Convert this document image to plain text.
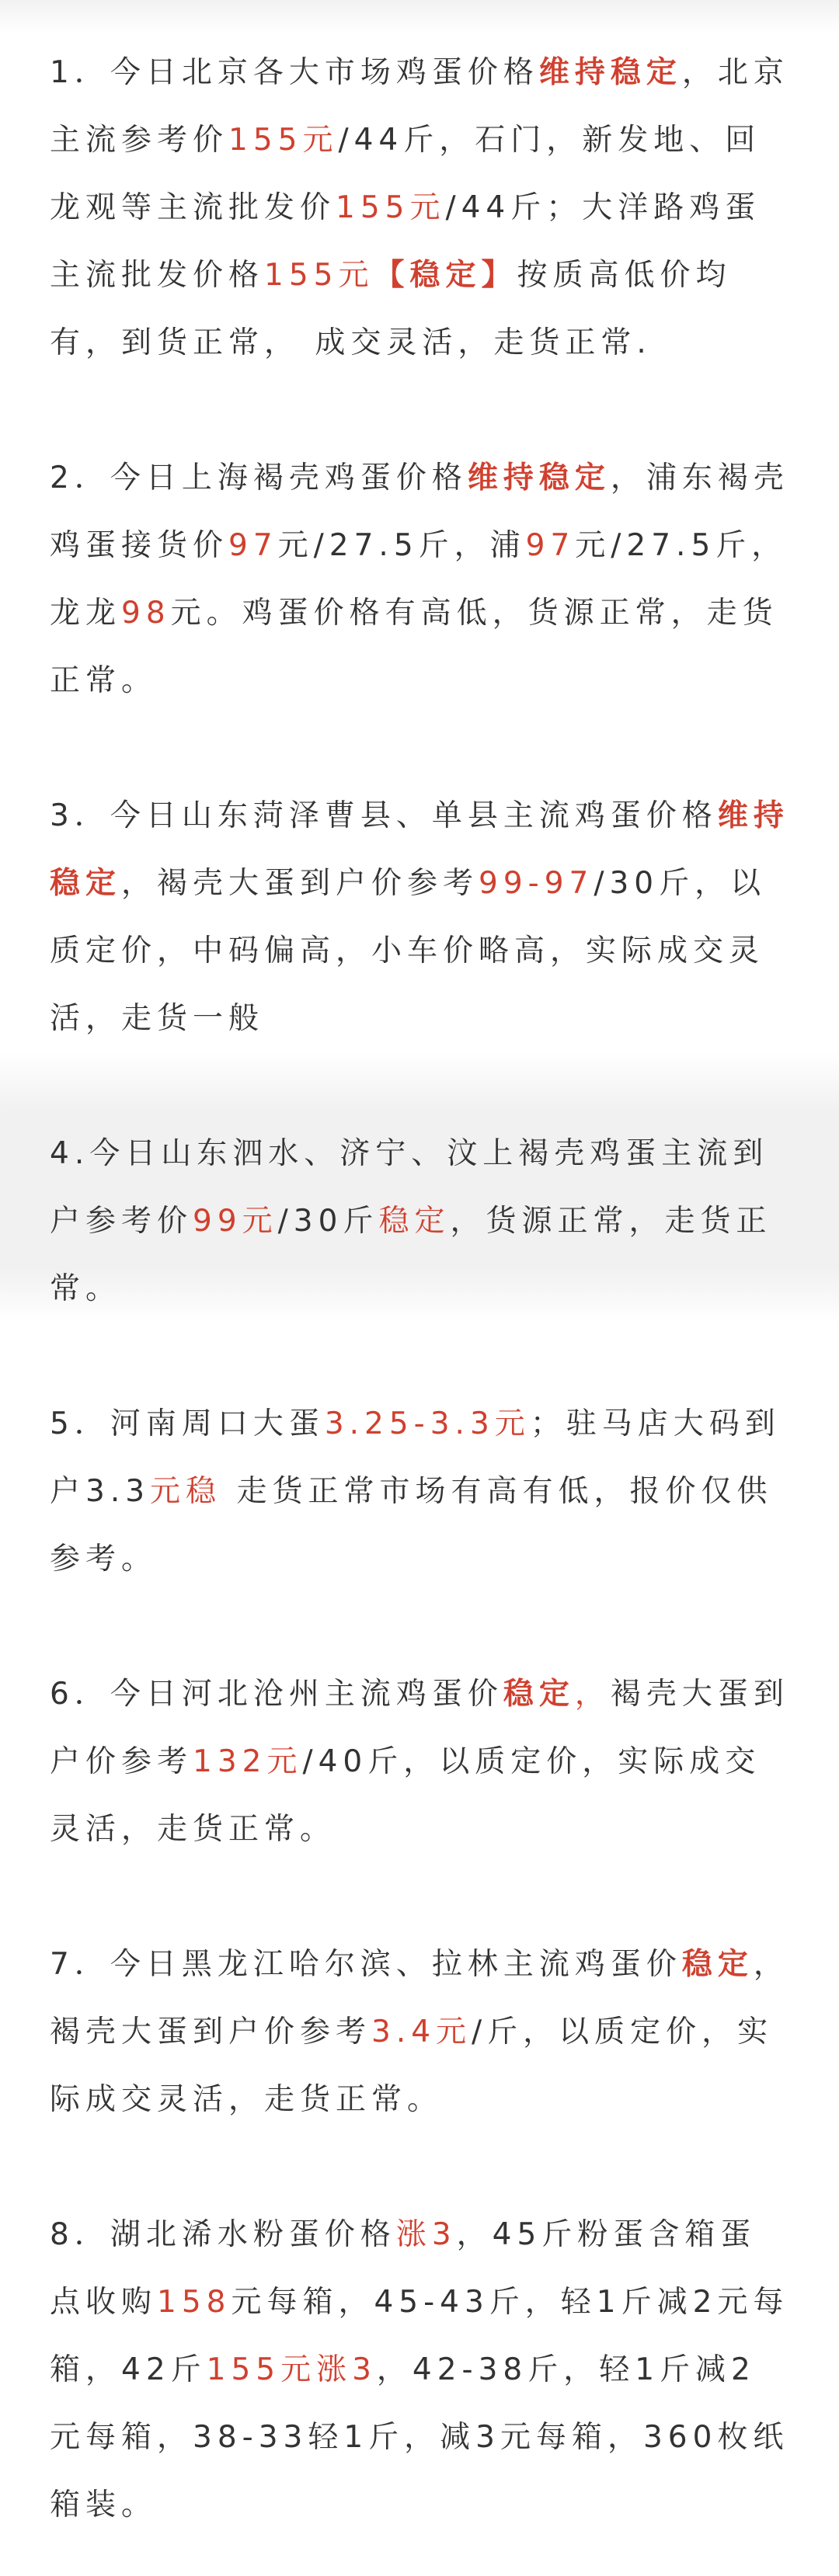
1．今日北京各大市场鸡蛋价格维持稳定，北京主流参考价155元/44斤，石门，新发地、回龙观等主流批发价155元/44斤；大洋路鸡蛋主流批发价格155元【稳定】按质高低价均有，到货正常， 成交灵活，走货正常.

2．今日上海褐壳鸡蛋价格维持稳定，浦东褐壳鸡蛋接货价97元/27.5斤，浦97元/27.5斤，龙龙98元。鸡蛋价格有高低，货源正常，走货正常。

3．今日山东菏泽曹县、单县主流鸡蛋价格维持稳定，褐壳大蛋到户价参考99-97/30斤，以质定价，中码偏高，小车价略高，实际成交灵活，走货一般

4.今日山东泗水、济宁、汶上褐壳鸡蛋主流到户参考价99元/30斤稳定，货源正常，走货正常。

5．河南周口大蛋3.25-3.3元；驻马店大码到户3.3元稳 走货正常市场有高有低，报价仅供参考。

6．今日河北沧州主流鸡蛋价稳定，褐壳大蛋到户价参考132元/40斤，以质定价，实际成交灵活，走货正常。

7．今日黑龙江哈尔滨、拉林主流鸡蛋价稳定，褐壳大蛋到户价参考3.4元/斤，以质定价，实际成交灵活，走货正常。

8．湖北浠水粉蛋价格涨3，45斤粉蛋含箱蛋点收购158元每箱，45-43斤，轻1斤减2元每箱，42斤155元涨3，42-38斤，轻1斤减2元每箱，38-33轻1斤，减3元每箱，360枚纸箱装。
